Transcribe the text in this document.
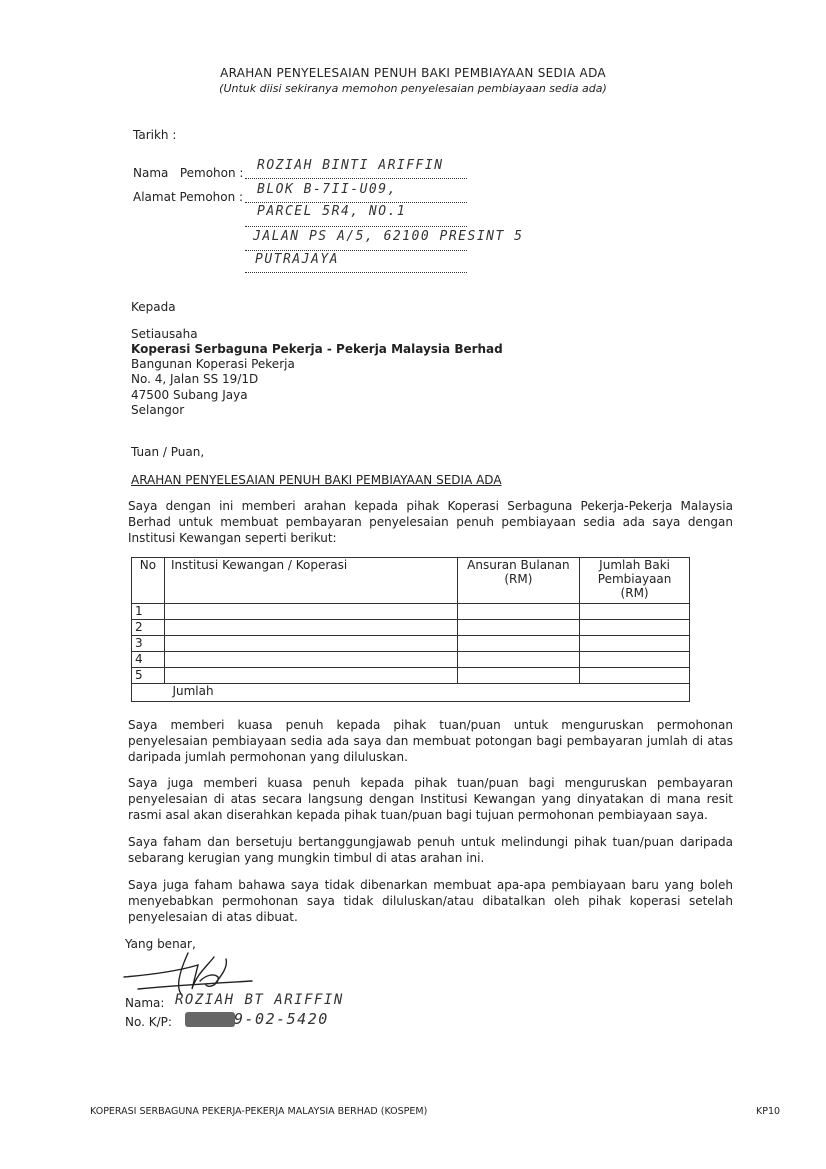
ARAHAN PENYELESAIAN PENUH BAKI PEMBIAYAAN SEDIA ADA
(Untuk diisi sekiranya memohon penyelesaian pembiayaan sedia ada)
Tarikh :
Nama   Pemohon : ROZIAH BINTI ARIFFIN
Alamat Pemohon : BLOK B-7II-U09,
PARCEL 5R4, NO.1
JALAN PS A/5, 62100 PRESINT 5
PUTRAJAYA
Kepada
Setiausaha
Koperasi Serbaguna Pekerja - Pekerja Malaysia Berhad
Bangunan Koperasi Pekerja
No. 4, Jalan SS 19/1D
47500 Subang Jaya
Selangor
Tuan / Puan,
ARAHAN PENYELESAIAN PENUH BAKI PEMBIAYAAN SEDIA ADA
Saya dengan ini memberi arahan kepada pihak Koperasi Serbaguna Pekerja-Pekerja Malaysia Berhad untuk membuat pembayaran penyelesaian penuh pembiayaan sedia ada saya dengan Institusi Kewangan seperti berikut:
No	Institusi Kewangan / Koperasi	Ansuran Bulanan (RM)	Jumlah Baki Pembiayaan (RM)
1			
2			
3			
4			
5			
	Jumlah		
Saya memberi kuasa penuh kepada pihak tuan/puan untuk menguruskan permohonan penyelesaian pembiayaan sedia ada saya dan membuat potongan bagi pembayaran jumlah di atas daripada jumlah permohonan yang diluluskan.
Saya juga memberi kuasa penuh kepada pihak tuan/puan bagi menguruskan pembayaran penyelesaian di atas secara langsung dengan Institusi Kewangan yang dinyatakan di mana resit rasmi asal akan diserahkan kepada pihak tuan/puan bagi tujuan permohonan pembiayaan saya.
Saya faham dan bersetuju bertanggungjawab penuh untuk melindungi pihak tuan/puan daripada sebarang kerugian yang mungkin timbul di atas arahan ini.
Saya juga faham bahawa saya tidak dibenarkan membuat apa-apa pembiayaan baru yang boleh menyebabkan permohonan saya tidak diluluskan/atau dibatalkan oleh pihak koperasi setelah penyelesaian di atas dibuat.
Yang benar,
Nama: ROZIAH BT ARIFFIN
No. K/P:	9-02-5420
KOPERASI SERBAGUNA PEKERJA-PEKERJA MALAYSIA BERHAD (KOSPEM)	KP10
